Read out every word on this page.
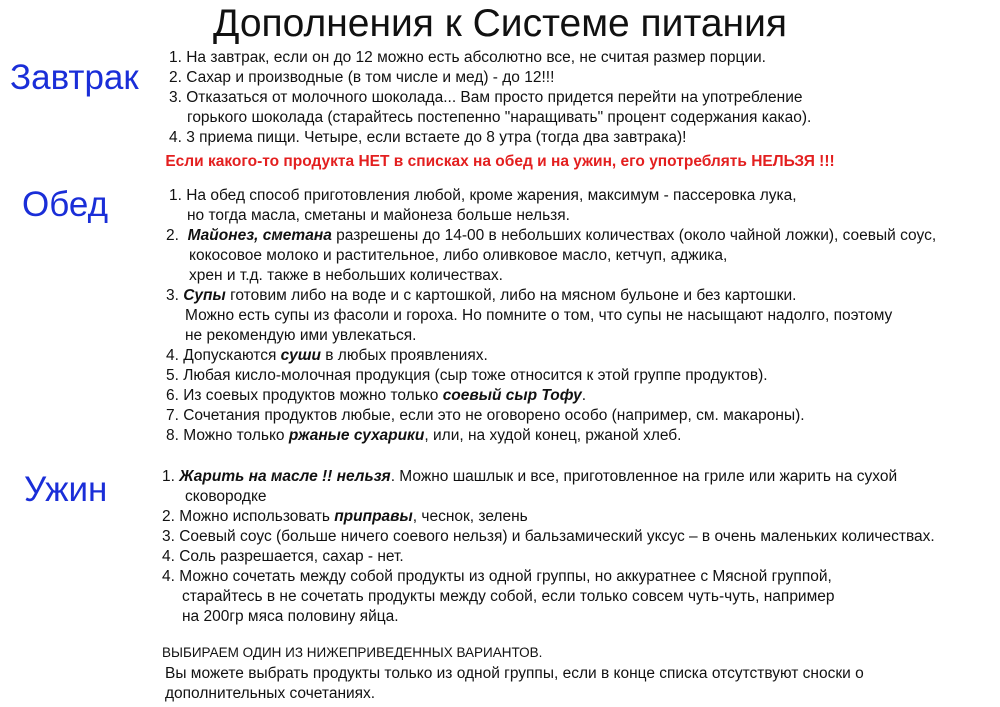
Дополнения к Системе питания
Завтрак
1. На завтрак, если он до 12 можно есть абсолютно все, не считая размер порции.
2. Сахар и производные (в том числе и мед) - до 12!!!
3. Отказаться от молочного шоколада... Вам просто придется перейти на употребление
горького шоколада (старайтесь постепенно "наращивать" процент содержания какао).
4. 3 приема пищи. Четыре, если встаете до 8 утра (тогда два завтрака)!
Если какого-то продукта НЕТ в списках на обед и на ужин, его употреблять НЕЛЬЗЯ !!!
Обед	1. На обед способ приготовления любой, кроме жарения, максимум - пассеровка лука,
но тогда масла, сметаны и майонеза больше нельзя.
2. Майонез, сметана разрешены до 14-00 в небольших количествах (около чайной ложки), соевый соус,
кокосовое молоко и растительное, либо оливковое масло, кетчуп, аджика,
хрен и т.д. также в небольших количествах.
3. Супы готовим либо на воде и с картошкой, либо на мясном бульоне и без картошки.
Можно есть супы из фасоли и гороха. Но помните о том, что супы не насыщают надолго, поэтому
не рекомендую ими увлекаться.
4. Допускаются суши в любых проявлениях.
5. Любая кисло-молочная продукция (сыр тоже относится к этой группе продуктов).
6. Из соевых продуктов можно только соевый сыр Тофу.
7. Сочетания продуктов любые, если это не оговорено особо (например, см. макароны).
8. Можно только ржаные сухарики, или, на худой конец, ржаной хлеб.
Ужин	1. Жарить на масле !! нельзя. Можно шашлык и все, приготовленное на гриле или жарить на сухой
сковородке
2. Можно использовать приправы, чеснок, зелень
3. Соевый соус (больше ничего соевого нельзя) и бальзамический уксус – в очень маленьких количествах.
4. Соль разрешается, сахар - нет.
4. Можно сочетать между собой продукты из одной группы, но аккуратнее с Мясной группой,
старайтесь в не сочетать продукты между собой, если только совсем чуть-чуть, например
на 200гр мяса половину яйца.
ВЫБИРАЕМ ОДИН ИЗ НИЖЕПРИВЕДЕННЫХ ВАРИАНТОВ.
Вы можете выбрать продукты только из одной группы, если в конце списка отсутствуют сноски о
дополнительных сочетаниях.
